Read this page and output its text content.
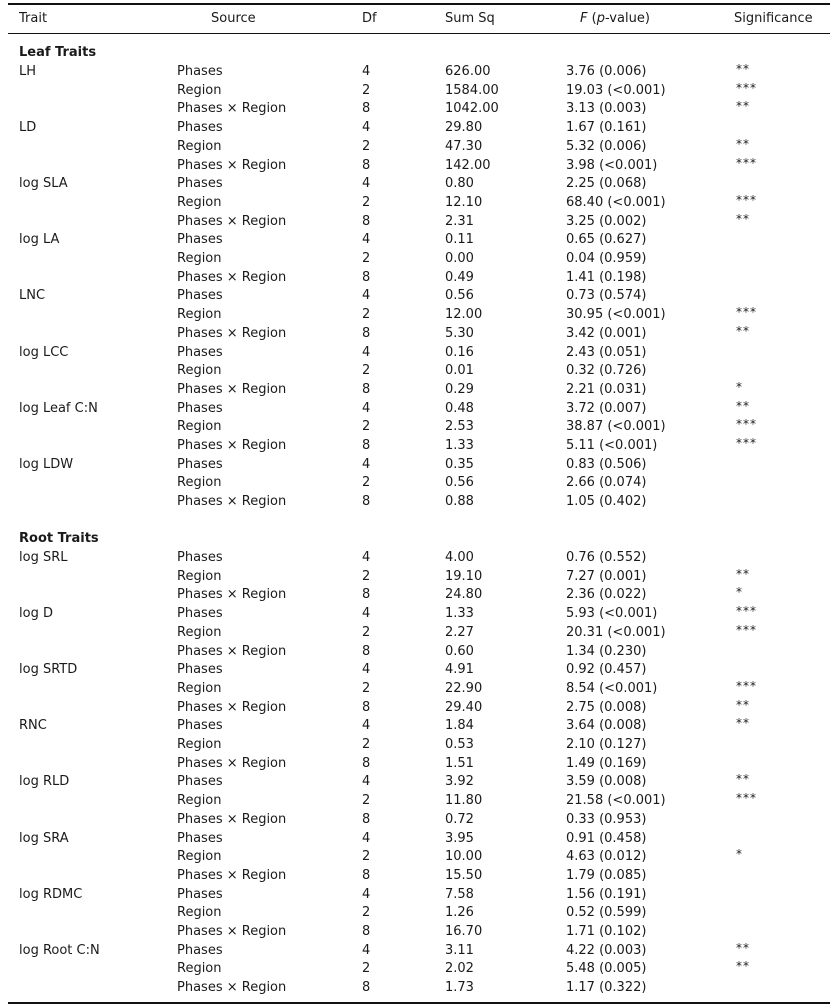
Trait	Source	Df	Sum Sq	F (p-value)	Significance
Leaf Traits
LH	Phases	4	626.00	3.76 (0.006)	**
Region	2	1584.00	19.03 (<0.001)	***
Phases × Region	8	1042.00	3.13 (0.003)	**
LD	Phases	4	29.80	1.67 (0.161)
Region	2	47.30	5.32 (0.006)	**
Phases × Region	8	142.00	3.98 (<0.001)	***
log SLA	Phases	4	0.80	2.25 (0.068)
Region	2	12.10	68.40 (<0.001)	***
Phases × Region	8	2.31	3.25 (0.002)	**
log LA	Phases	4	0.11	0.65 (0.627)
Region	2	0.00	0.04 (0.959)
Phases × Region	8	0.49	1.41 (0.198)
LNC	Phases	4	0.56	0.73 (0.574)
Region	2	12.00	30.95 (<0.001)	***
Phases × Region	8	5.30	3.42 (0.001)	**
log LCC	Phases	4	0.16	2.43 (0.051)
Region	2	0.01	0.32 (0.726)
Phases × Region	8	0.29	2.21 (0.031)	*
log Leaf C:N	Phases	4	0.48	3.72 (0.007)	**
Region	2	2.53	38.87 (<0.001)	***
Phases × Region	8	1.33	5.11 (<0.001)	***
log LDW	Phases	4	0.35	0.83 (0.506)
Region	2	0.56	2.66 (0.074)
Phases × Region	8	0.88	1.05 (0.402)
Root Traits
log SRL	Phases	4	4.00	0.76 (0.552)
Region	2	19.10	7.27 (0.001)	**
Phases × Region	8	24.80	2.36 (0.022)	*
log D	Phases	4	1.33	5.93 (<0.001)	***
Region	2	2.27	20.31 (<0.001)	***
Phases × Region	8	0.60	1.34 (0.230)
log SRTD	Phases	4	4.91	0.92 (0.457)
Region	2	22.90	8.54 (<0.001)	***
Phases × Region	8	29.40	2.75 (0.008)	**
RNC	Phases	4	1.84	3.64 (0.008)	**
Region	2	0.53	2.10 (0.127)
Phases × Region	8	1.51	1.49 (0.169)
log RLD	Phases	4	3.92	3.59 (0.008)	**
Region	2	11.80	21.58 (<0.001)	***
Phases × Region	8	0.72	0.33 (0.953)
log SRA	Phases	4	3.95	0.91 (0.458)
Region	2	10.00	4.63 (0.012)	*
Phases × Region	8	15.50	1.79 (0.085)
log RDMC	Phases	4	7.58	1.56 (0.191)
Region	2	1.26	0.52 (0.599)
Phases × Region	8	16.70	1.71 (0.102)
log Root C:N	Phases	4	3.11	4.22 (0.003)	**
Region	2	2.02	5.48 (0.005)	**
Phases × Region	8	1.73	1.17 (0.322)
